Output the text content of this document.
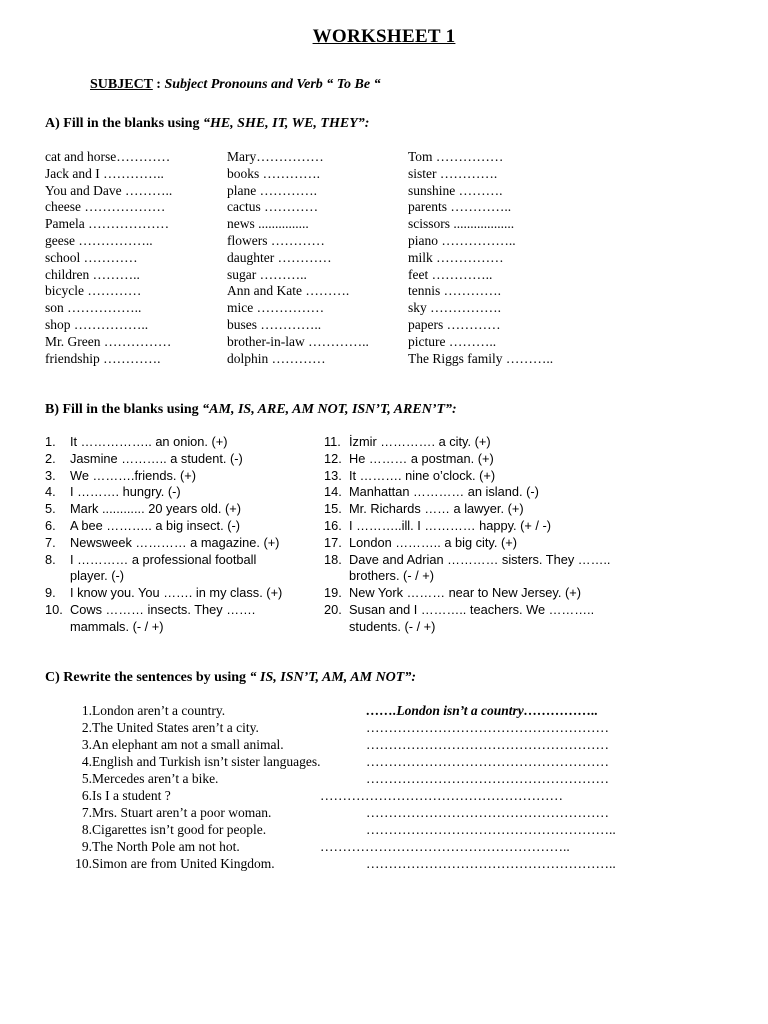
WORKSHEET 1
SUBJECT : Subject Pronouns and Verb “ To Be “
A) Fill in the blanks using “HE, SHE, IT, WE, THEY”:
cat and horse…………
Jack and I …………..
You and Dave ………..
cheese ………………
Pamela ………………
geese ……………..
school …………
children ………..
bicycle …………
son ……………..
shop ……………..
Mr. Green ……………
friendship ………….
Mary……………
books ………….
plane ………….
cactus …………
news ...............
flowers …………
daughter …………
sugar ………..
Ann and Kate ……….
mice ……………
buses …………..
brother-in-law …………..
dolphin …………
Tom ……………
sister ………….
sunshine ……….
parents …………..
scissors ..................
piano ……………..
milk ……………
feet …………..
tennis ………….
sky …………….
papers …………
picture ………..
The Riggs family ………..
B) Fill in the blanks using “AM, IS, ARE, AM NOT, ISN’T, AREN’T”:
1. It …………….. an onion. (+)
2. Jasmine ……….. a student. (-)
3. We ……….friends. (+)
4. I ………. hungry. (-)
5. Mark ............ 20 years old. (+)
6. A bee ……….. a big insect. (-)
7. Newsweek ………… a magazine. (+)
8. I ………… a professional football
player. (-)
9. I know you. You ……. in my class. (+)
10. Cows ……… insects. They …….
mammals. (- / +)
11. İzmir …………. a city. (+)
12. He ……… a postman. (+)
13. It ………. nine o’clock. (+)
14. Manhattan ………… an island. (-)
15. Mr. Richards …… a lawyer. (+)
16. I ………..ill. I ………… happy. (+ / -)
17. London ……….. a big city. (+)
18. Dave and Adrian ………… sisters. They ……..
brothers. (- / +)
19. New York ……… near to New Jersey. (+)
20. Susan and I ……….. teachers. We ………..
students. (- / +)
C) Rewrite the sentences by using “ IS, ISN’T, AM, AM NOT”:
1. London aren’t a country.	…….London isn’t a country……………..
2. The United States aren’t a city.	………………………………………………
3. An elephant am not a small animal.	………………………………………………
4. English and Turkish isn’t sister languages.	………………………………………………
5. Mercedes aren’t a bike.	………………………………………………
6. Is I a student ?	………………………………………………
7. Mrs. Stuart aren’t a poor woman.	………………………………………………
8. Cigarettes isn’t good for people.	………………………………………………..
9. The North Pole am not hot.	………………………………………………..
10. Simon are from United Kingdom.	………………………………………………..
